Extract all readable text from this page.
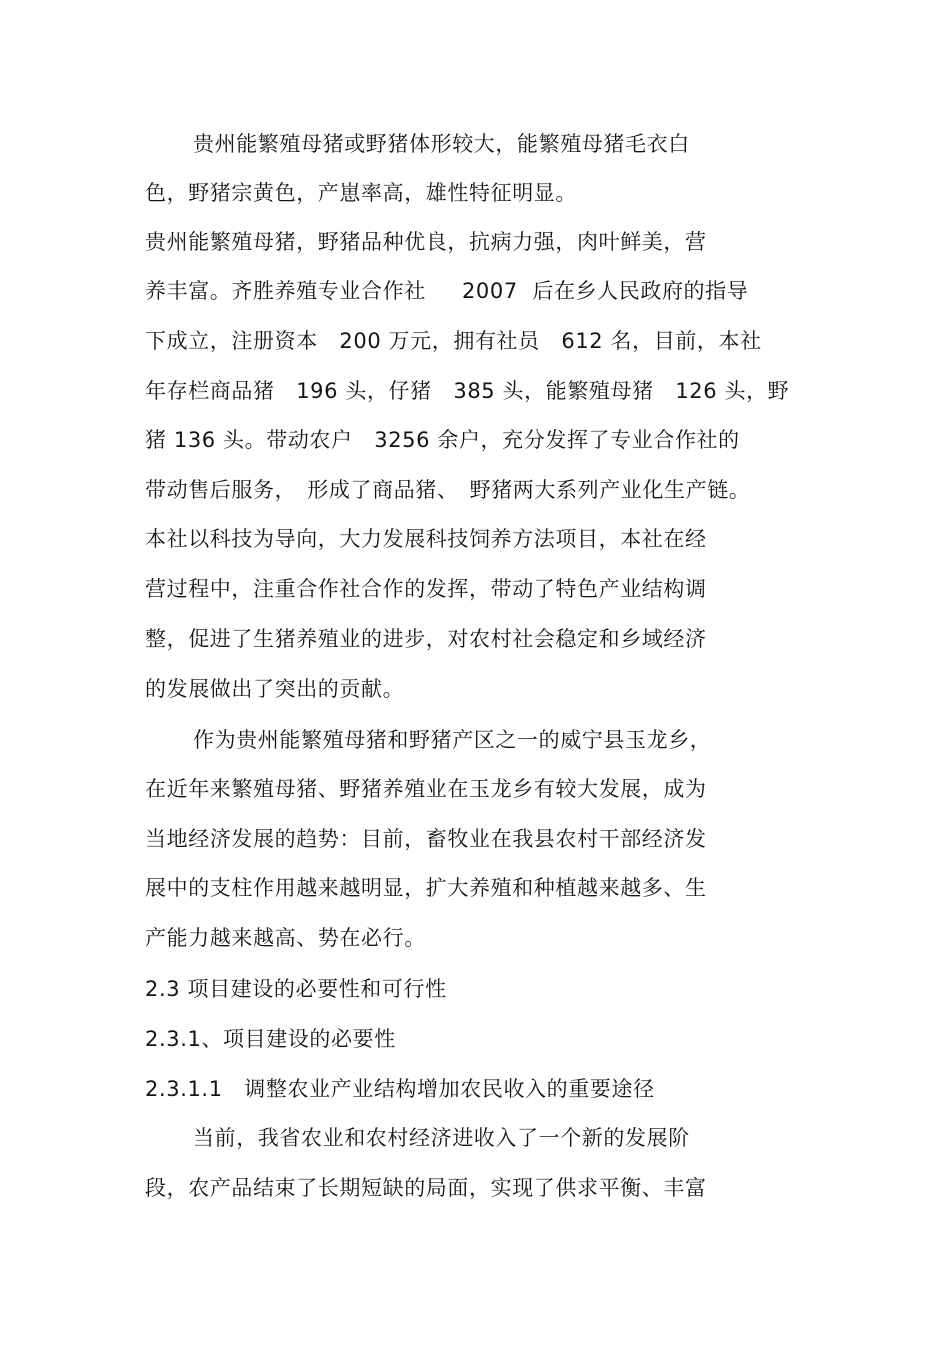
贵州能繁殖母猪或野猪体形较大，能繁殖母猪毛衣白
色，野猪宗黄色，产崽率高，雄性特征明显。
贵州能繁殖母猪，野猪品种优良，抗病力强，肉叶鲜美，营
养丰富。齐胜养殖专业合作社　  2007  后在乡人民政府的指导
下成立，注册资本　200 万元，拥有社员　612 名，目前，本社
年存栏商品猪　196 头，仔猪　385 头，能繁殖母猪　126 头，野
猪 136 头。带动农户　3256 余户，充分发挥了专业合作社的
带动售后服务，　形成了商品猪、　野猪两大系列产业化生产链。
本社以科技为导向，大力发展科技饲养方法项目，本社在经
营过程中，注重合作社合作的发挥，带动了特色产业结构调
整，促进了生猪养殖业的进步，对农村社会稳定和乡域经济
的发展做出了突出的贡献。
作为贵州能繁殖母猪和野猪产区之一的威宁县玉龙乡，
在近年来繁殖母猪、野猪养殖业在玉龙乡有较大发展，成为
当地经济发展的趋势：目前，畜牧业在我县农村干部经济发
展中的支柱作用越来越明显，扩大养殖和种植越来越多、生
产能力越来越高、势在必行。
2.3 项目建设的必要性和可行性
2.3.1、项目建设的必要性
2.3.1.1　调整农业产业结构增加农民收入的重要途径
当前，我省农业和农村经济进收入了一个新的发展阶
段，农产品结束了长期短缺的局面，实现了供求平衡、丰富
